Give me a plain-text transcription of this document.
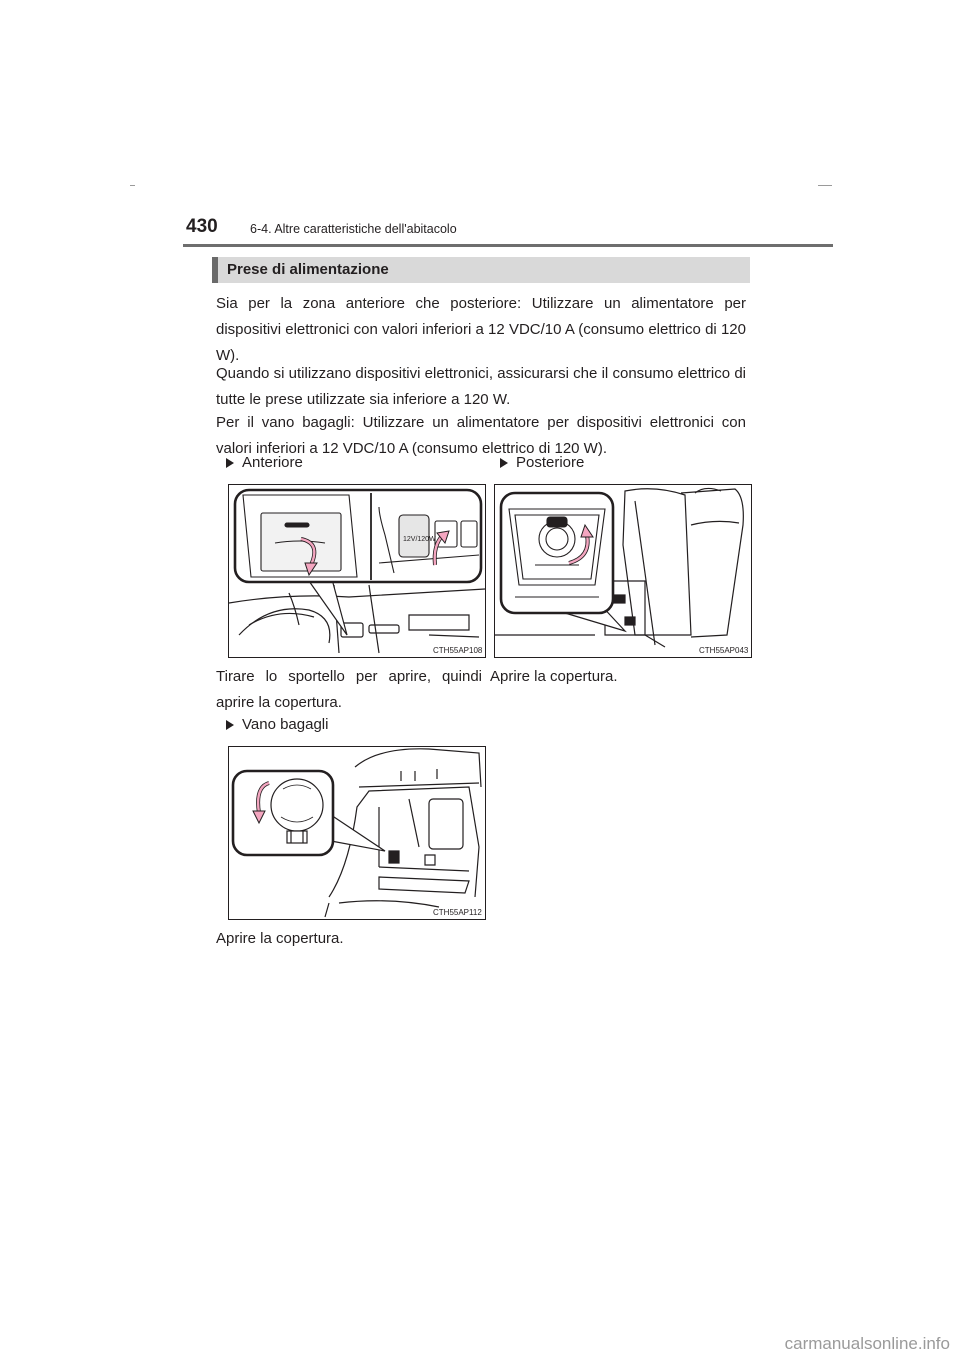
430	6-4. Altre caratteristiche dell'abitacolo
Prese di alimentazione
Sia per la zona anteriore che posteriore: Utilizzare un alimentatore per dispositivi elettronici con valori inferiori a 12 VDC/10 A (consumo elettrico di 120 W).
Quando si utilizzano dispositivi elettronici, assicurarsi che il consumo elettrico di tutte le prese utilizzate sia inferiore a 120 W.
Per il vano bagagli: Utilizzare un alimentatore per dispositivi elettronici con valori inferiori a 12 VDC/10 A (consumo elettrico di 120 W).
Anteriore	Posteriore
12V/120W
CTH55AP108	CTH55AP043
Tirare lo sportello per aprire, quindi aprire la copertura.
Aprire la copertura.
Vano bagagli
CTH55AP112
Aprire la copertura.
carmanualsonline.info
